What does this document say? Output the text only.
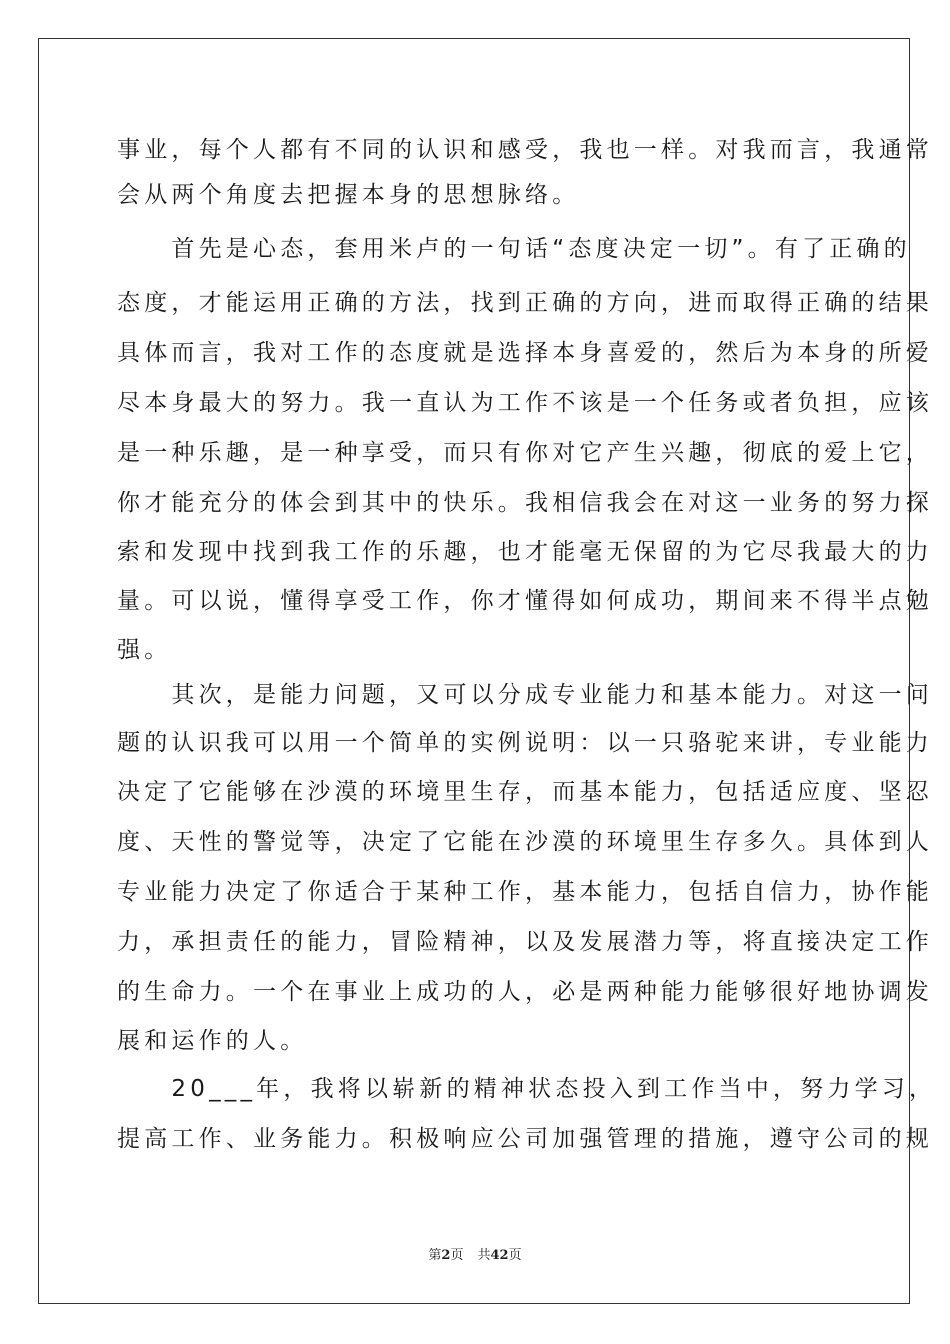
事业，每个人都有不同的认识和感受，我也一样。对我而言，我通常
会从两个角度去把握本身的思想脉络。
　　首先是心态，套用米卢的一句话“态度决定一切”。有了正确的
态度，才能运用正确的方法，找到正确的方向，进而取得正确的结果
具体而言，我对工作的态度就是选择本身喜爱的，然后为本身的所爱
尽本身最大的努力。我一直认为工作不该是一个任务或者负担，应该
是一种乐趣，是一种享受，而只有你对它产生兴趣，彻底的爱上它，
你才能充分的体会到其中的快乐。我相信我会在对这一业务的努力探
索和发现中找到我工作的乐趣，也才能毫无保留的为它尽我最大的力
量。可以说，懂得享受工作，你才懂得如何成功，期间来不得半点勉
强。
　　其次，是能力问题，又可以分成专业能力和基本能力。对这一问
题的认识我可以用一个简单的实例说明：以一只骆驼来讲，专业能力
决定了它能够在沙漠的环境里生存，而基本能力，包括适应度、坚忍
度、天性的警觉等，决定了它能在沙漠的环境里生存多久。具体到人
专业能力决定了你适合于某种工作，基本能力，包括自信力，协作能
力，承担责任的能力，冒险精神，以及发展潜力等，将直接决定工作
的生命力。一个在事业上成功的人，必是两种能力能够很好地协调发
展和运作的人。
　　20___年，我将以崭新的精神状态投入到工作当中，努力学习，
提高工作、业务能力。积极响应公司加强管理的措施，遵守公司的规
第2页 共42页
